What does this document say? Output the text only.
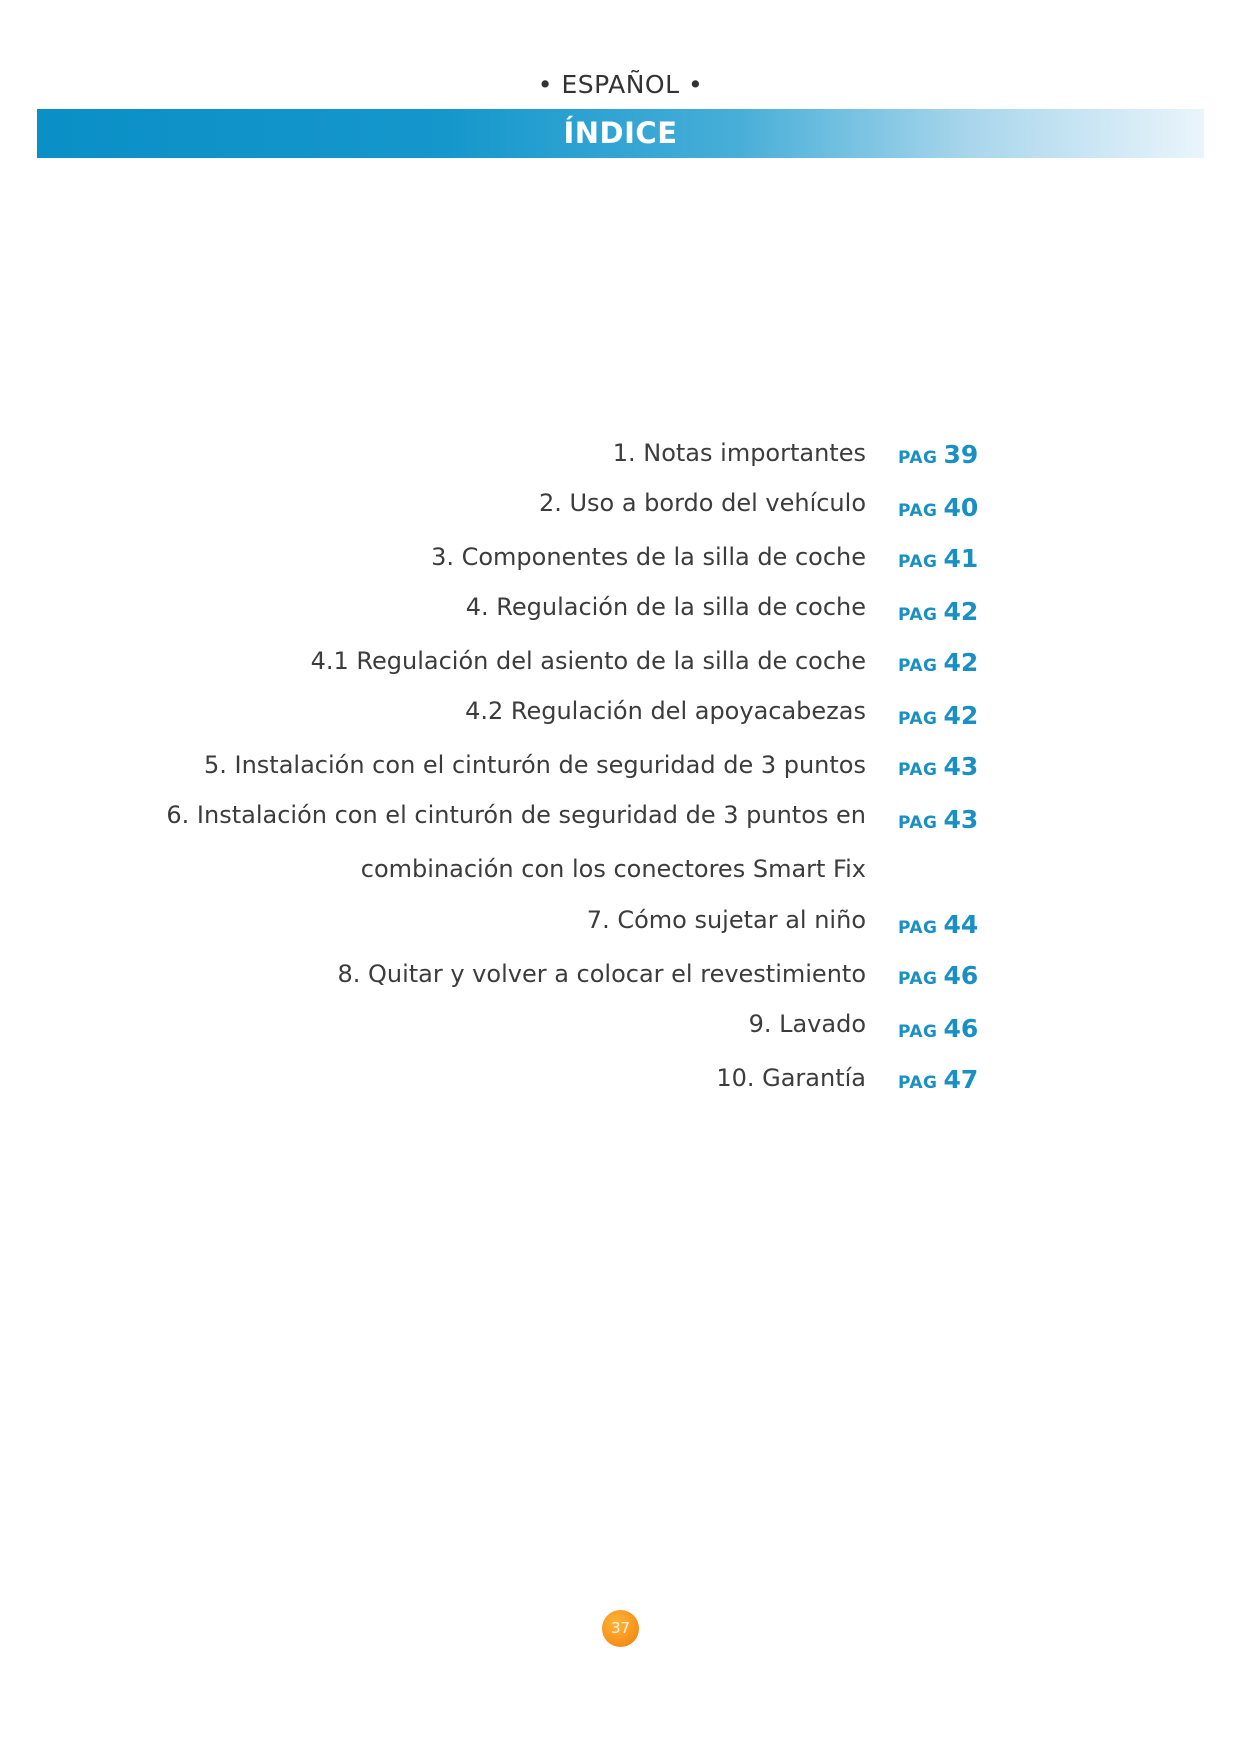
• ESPAÑOL •
ÍNDICE
1. Notas importantes PAG 39
2. Uso a bordo del vehículo PAG 40
3. Componentes de la silla de coche PAG 41
4. Regulación de la silla de coche PAG 42
4.1 Regulación del asiento de la silla de coche PAG 42
4.2 Regulación del apoyacabezas PAG 42
5. Instalación con el cinturón de seguridad de 3 puntos PAG 43
6. Instalación con el cinturón de seguridad de 3 puntos en PAG 43
combinación con los conectores Smart Fix
7. Cómo sujetar al niño PAG 44
8. Quitar y volver a colocar el revestimiento PAG 46
9. Lavado PAG 46
10. Garantía PAG 47
37
